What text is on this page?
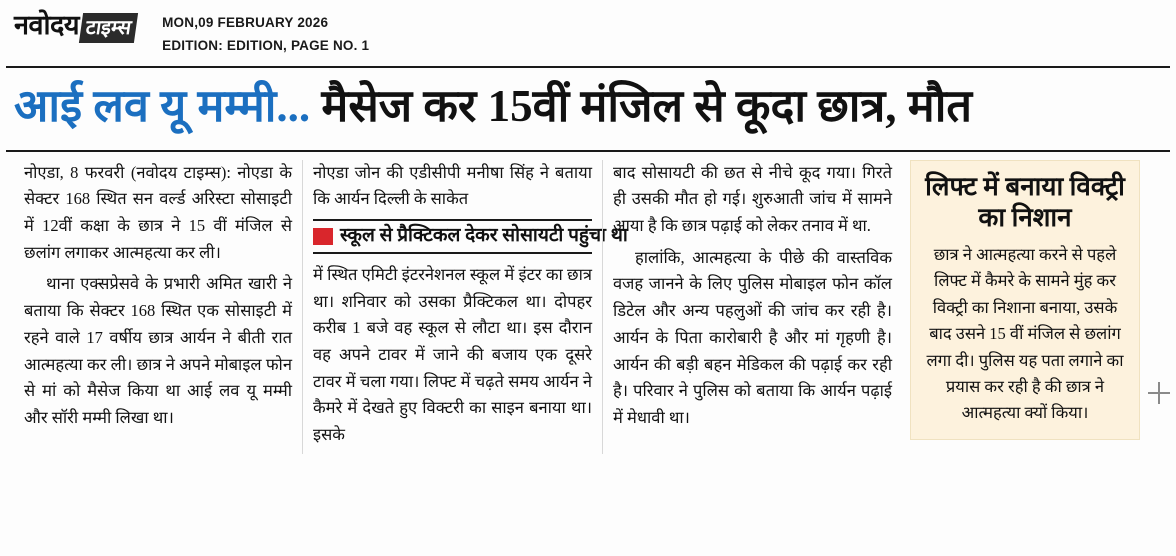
नवोदय टाइम्स	MON,09 FEBRUARY 2026
EDITION: EDITION, PAGE NO. 1
आई लव यू मम्मी... मैसेज कर 15वीं मंजिल से कूदा छात्र, मौत

नोएडा, 8 फरवरी (नवोदय टाइम्स): नोएडा के सेक्टर 168 स्थित सन वर्ल्ड अरिस्टा सोसाइटी में 12वीं कक्षा के छात्र ने 15 वीं मंजिल से छलांग लगाकर आत्महत्या कर ली।

थाना एक्सप्रेसवे के प्रभारी अमित खारी ने बताया कि सेक्टर 168 स्थित एक सोसाइटी में रहने वाले 17 वर्षीय छात्र आर्यन ने बीती रात आत्महत्या कर ली। छात्र ने अपने मोबाइल फोन से मां को मैसेज किया था आई लव यू मम्मी और सॉरी मम्मी लिखा था।

नोएडा जोन की एडीसीपी मनीषा सिंह ने बताया कि आर्यन दिल्ली के साकेत

स्कूल से प्रैक्टिकल देकर सोसायटी पहुंचा था

में स्थित एमिटी इंटरनेशनल स्कूल में इंटर का छात्र था। शनिवार को उसका प्रैक्टिकल था। दोपहर करीब 1 बजे वह स्कूल से लौटा था। इस दौरान वह अपने टावर में जाने की बजाय एक दूसरे टावर में चला गया। लिफ्ट में चढ़ते समय आर्यन ने कैमरे में देखते हुए विक्टरी का साइन बनाया था। इसके

बाद सोसायटी की छत से नीचे कूद गया। गिरते ही उसकी मौत हो गई। शुरुआती जांच में सामने आया है कि छात्र पढ़ाई को लेकर तनाव में था.

हालांकि, आत्महत्या के पीछे की वास्तविक वजह जानने के लिए पुलिस मोबाइल फोन कॉल डिटेल और अन्य पहलुओं की जांच कर रही है। आर्यन के पिता कारोबारी है और मां गृहणी है। आर्यन की बड़ी बहन मेडिकल की पढ़ाई कर रही है। परिवार ने पुलिस को बताया कि आर्यन पढ़ाई में मेधावी था।

लिफ्ट में बनाया विक्ट्री का निशान

छात्र ने आत्महत्या करने से पहले लिफ्ट में कैमरे के सामने मुंह कर विक्ट्री का निशाना बनाया, उसके बाद उसने 15 वीं मंजिल से छलांग लगा दी। पुलिस यह पता लगाने का प्रयास कर रही है की छात्र ने आत्महत्या क्यों किया।
